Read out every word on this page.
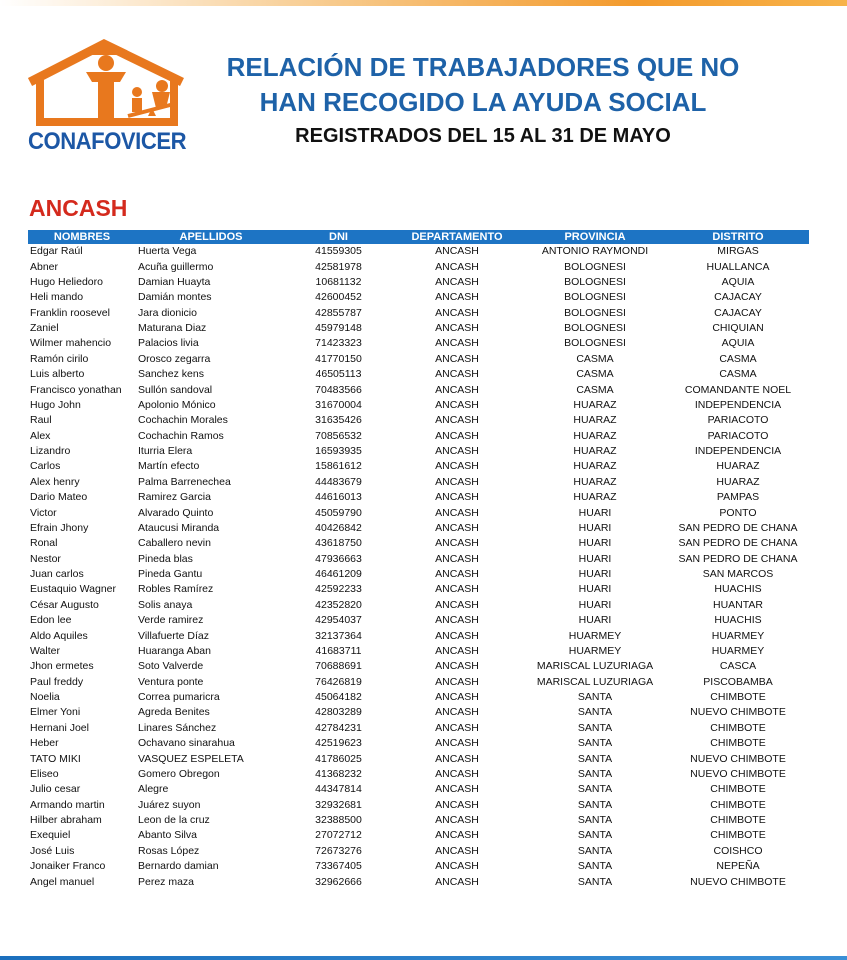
CONAFOVICER
RELACIÓN DE TRABAJADORES QUE NO
HAN RECOGIDO LA AYUDA SOCIAL
REGISTRADOS DEL 15 AL 31 DE MAYO
ANCASH
NOMBRES	APELLIDOS	DNI	DEPARTAMENTO	PROVINCIA	DISTRITO
Edgar Raúl	Huerta Vega	41559305	ANCASH	ANTONIO RAYMONDI	MIRGAS
Abner	Acuña guillermo	42581978	ANCASH	BOLOGNESI	HUALLANCA
Hugo Heliedoro	Damian Huayta	10681132	ANCASH	BOLOGNESI	AQUIA
Heli mando	Damián montes	42600452	ANCASH	BOLOGNESI	CAJACAY
Franklin roosevel	Jara dionicio	42855787	ANCASH	BOLOGNESI	CAJACAY
Zaniel	Maturana Diaz	45979148	ANCASH	BOLOGNESI	CHIQUIAN
Wilmer mahencio	Palacios livia	71423323	ANCASH	BOLOGNESI	AQUIA
Ramón cirilo	Orosco zegarra	41770150	ANCASH	CASMA	CASMA
Luis alberto	Sanchez kens	46505113	ANCASH	CASMA	CASMA
Francisco yonathan	Sullón sandoval	70483566	ANCASH	CASMA	COMANDANTE NOEL
Hugo John	Apolonio Mónico	31670004	ANCASH	HUARAZ	INDEPENDENCIA
Raul	Cochachin Morales	31635426	ANCASH	HUARAZ	PARIACOTO
Alex	Cochachin Ramos	70856532	ANCASH	HUARAZ	PARIACOTO
Lizandro	Iturria Elera	16593935	ANCASH	HUARAZ	INDEPENDENCIA
Carlos	Martín efecto	15861612	ANCASH	HUARAZ	HUARAZ
Alex henry	Palma Barrenechea	44483679	ANCASH	HUARAZ	HUARAZ
Dario Mateo	Ramirez Garcia	44616013	ANCASH	HUARAZ	PAMPAS
Victor	Alvarado Quinto	45059790	ANCASH	HUARI	PONTO
Efrain Jhony	Ataucusi Miranda	40426842	ANCASH	HUARI	SAN PEDRO DE CHANA
Ronal	Caballero nevin	43618750	ANCASH	HUARI	SAN PEDRO DE CHANA
Nestor	Pineda blas	47936663	ANCASH	HUARI	SAN PEDRO DE CHANA
Juan carlos	Pineda Gantu	46461209	ANCASH	HUARI	SAN MARCOS
Eustaquio Wagner	Robles Ramírez	42592233	ANCASH	HUARI	HUACHIS
César Augusto	Solis anaya	42352820	ANCASH	HUARI	HUANTAR
Edon lee	Verde ramirez	42954037	ANCASH	HUARI	HUACHIS
Aldo Aquiles	Villafuerte Díaz	32137364	ANCASH	HUARMEY	HUARMEY
Walter	Huaranga Aban	41683711	ANCASH	HUARMEY	HUARMEY
Jhon ermetes	Soto Valverde	70688691	ANCASH	MARISCAL LUZURIAGA	CASCA
Paul freddy	Ventura ponte	76426819	ANCASH	MARISCAL LUZURIAGA	PISCOBAMBA
Noelia	Correa pumaricra	45064182	ANCASH	SANTA	CHIMBOTE
Elmer Yoni	Agreda Benites	42803289	ANCASH	SANTA	NUEVO CHIMBOTE
Hernani Joel	Linares Sánchez	42784231	ANCASH	SANTA	CHIMBOTE
Heber	Ochavano sinarahua	42519623	ANCASH	SANTA	CHIMBOTE
TATO MIKI	VASQUEZ ESPELETA	41786025	ANCASH	SANTA	NUEVO CHIMBOTE
Eliseo	Gomero Obregon	41368232	ANCASH	SANTA	NUEVO CHIMBOTE
Julio cesar	Alegre	44347814	ANCASH	SANTA	CHIMBOTE
Armando martin	Juárez suyon	32932681	ANCASH	SANTA	CHIMBOTE
Hilber abraham	Leon de la cruz	32388500	ANCASH	SANTA	CHIMBOTE
Exequiel	Abanto Silva	27072712	ANCASH	SANTA	CHIMBOTE
José Luis	Rosas López	72673276	ANCASH	SANTA	COISHCO
Jonaiker Franco	Bernardo damian	73367405	ANCASH	SANTA	NEPEÑA
Angel manuel	Perez maza	32962666	ANCASH	SANTA	NUEVO CHIMBOTE
